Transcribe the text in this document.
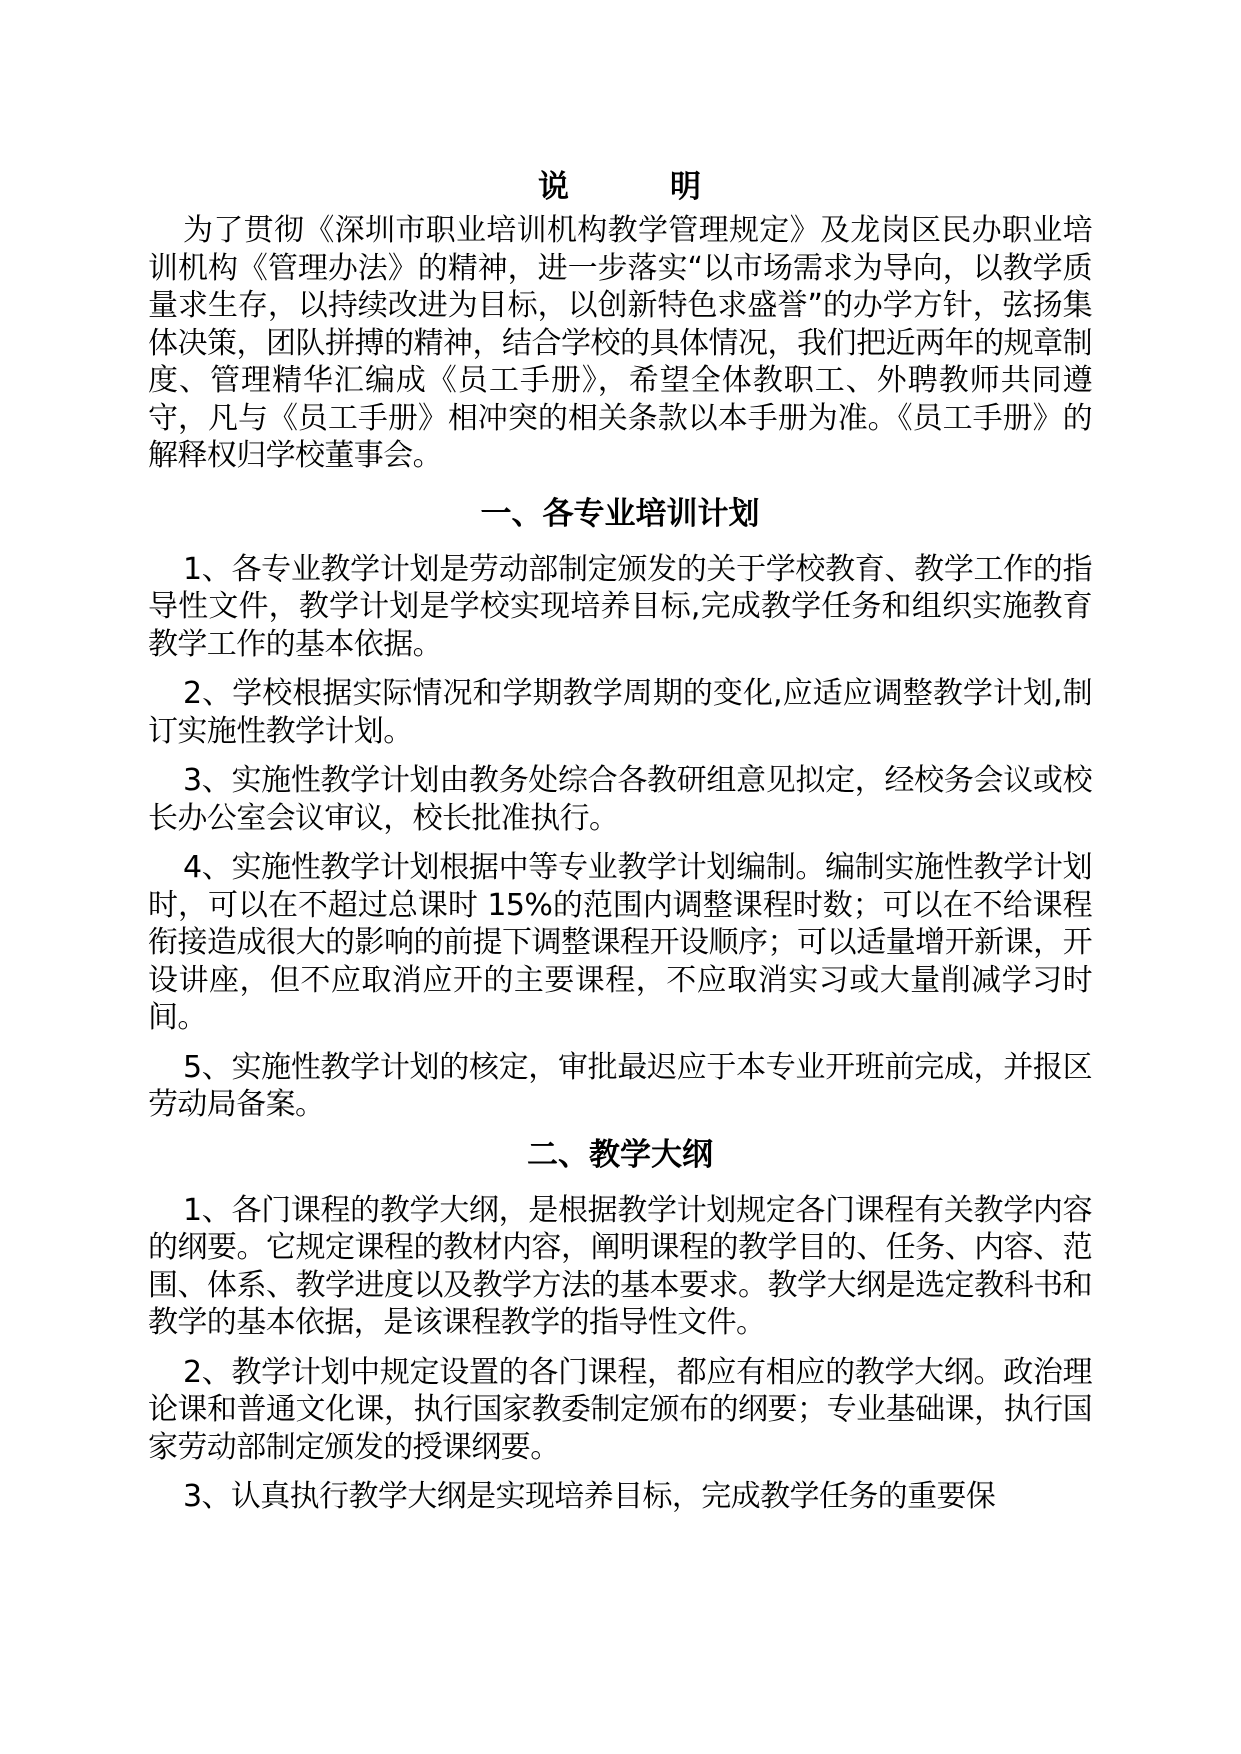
说	明

为了贯彻《深圳市职业培训机构教学管理规定》及龙岗区民办职业培训机构《管理办法》的精神，进一步落实“以市场需求为导向，以教学质量求生存，以持续改进为目标，以创新特色求盛誉”的办学方针，弦扬集体决策，团队拼搏的精神，结合学校的具体情况，我们把近两年的规章制度、管理精华汇编成《员工手册》，希望全体教职工、外聘教师共同遵守，凡与《员工手册》相冲突的相关条款以本手册为准。《员工手册》的解释权归学校董事会。

一、各专业培训计划

1、各专业教学计划是劳动部制定颁发的关于学校教育、教学工作的指导性文件，教学计划是学校实现培养目标,完成教学任务和组织实施教育教学工作的基本依据。

2、学校根据实际情况和学期教学周期的变化,应适应调整教学计划,制订实施性教学计划。

3、实施性教学计划由教务处综合各教研组意见拟定，经校务会议或校长办公室会议审议，校长批准执行。

4、实施性教学计划根据中等专业教学计划编制。编制实施性教学计划时，可以在不超过总课时 15%的范围内调整课程时数；可以在不给课程衔接造成很大的影响的前提下调整课程开设顺序；可以适量增开新课，开设讲座，但不应取消应开的主要课程，不应取消实习或大量削减学习时间。

5、实施性教学计划的核定，审批最迟应于本专业开班前完成，并报区劳动局备案。

二、教学大纲

1、各门课程的教学大纲，是根据教学计划规定各门课程有关教学内容的纲要。它规定课程的教材内容，阐明课程的教学目的、任务、内容、范围、体系、教学进度以及教学方法的基本要求。教学大纲是选定教科书和教学的基本依据，是该课程教学的指导性文件。

2、教学计划中规定设置的各门课程，都应有相应的教学大纲。政治理论课和普通文化课，执行国家教委制定颁布的纲要；专业基础课，执行国家劳动部制定颁发的授课纲要。

3、认真执行教学大纲是实现培养目标，完成教学任务的重要保
